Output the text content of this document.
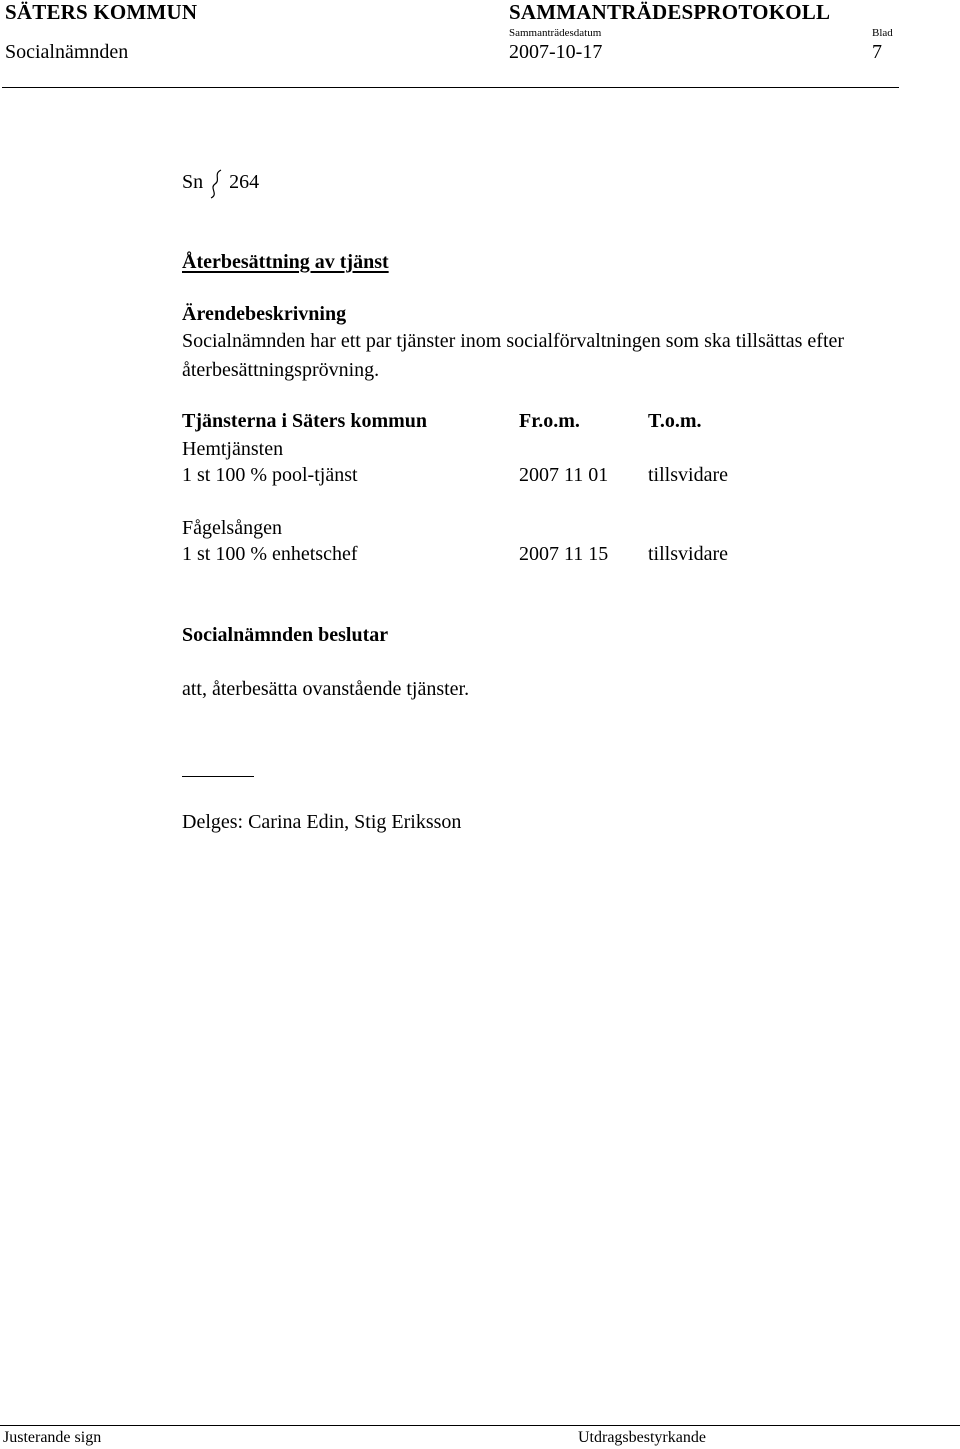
SÄTERS KOMMUN	SAMMANTRÄDESPROTOKOLL
Socialnämnden
Sammanträdesdatum
2007-10-17
Blad
7
Sn 264
Återbesättning av tjänst
Ärendebeskrivning
Socialnämnden har ett par tjänster inom socialförvaltningen som ska tillsättas efter
återbesättningsprövning.
Tjänsterna i Säters kommun	Fr.o.m.	T.o.m.
Hemtjänsten
1 st 100 % pool-tjänst	2007 11 01 tillsvidare
Fågelsången
1 st 100 % enhetschef	2007 11 15 tillsvidare
Socialnämnden beslutar
att, återbesätta ovanstående tjänster.
Delges: Carina Edin, Stig Eriksson
Justerande sign	Utdragsbestyrkande
